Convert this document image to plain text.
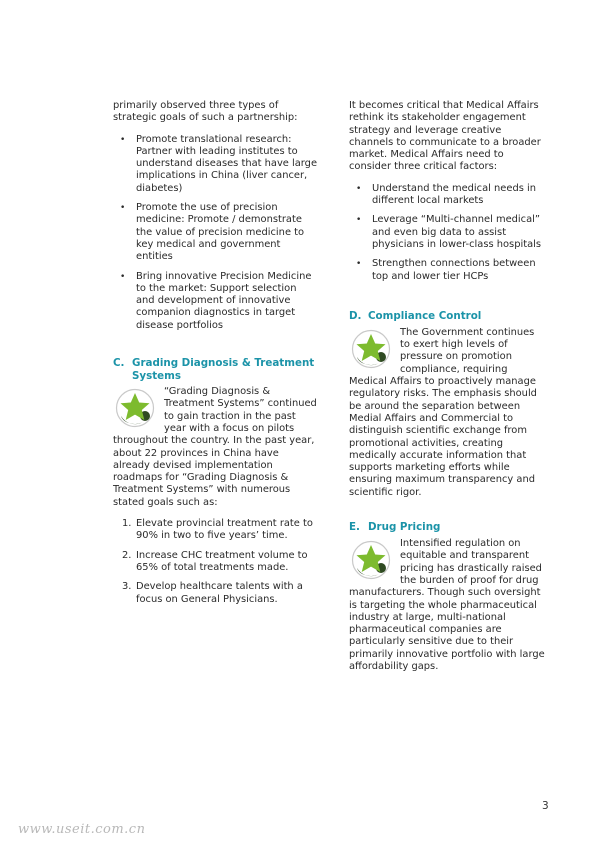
primarily observed three types of strategic goals of such a partnership:

• Promote translational research: Partner with leading institutes to understand diseases that have large implications in China (liver cancer, diabetes)
• Promote the use of precision medicine: Promote / demonstrate the value of precision medicine to key medical and government entities
• Bring innovative Precision Medicine to the market: Support selection and development of innovative companion diagnostics in target disease portfolios
C. Grading Diagnosis & Treatment Systems

“Grading Diagnosis & Treatment Systems” continued to gain traction in the past year with a focus on pilots throughout the country. In the past year, about 22 provinces in China have already devised implementation roadmaps for “Grading Diagnosis & Treatment Systems” with numerous stated goals such as:

1. Elevate provincial treatment rate to 90% in two to five years’ time.
2. Increase CHC treatment volume to 65% of total treatments made.
3. Develop healthcare talents with a focus on General Physicians.

It becomes critical that Medical Affairs rethink its stakeholder engagement strategy and leverage creative channels to communicate to a broader market. Medical Affairs need to consider three critical factors:

• Understand the medical needs in different local markets
• Leverage “Multi-channel medical” and even big data to assist physicians in lower-class hospitals
• Strengthen connections between top and lower tier HCPs
D. Compliance Control

The Government continues to exert high levels of pressure on promotion compliance, requiring Medical Affairs to proactively manage regulatory risks. The emphasis should be around the separation between Medial Affairs and Commercial to distinguish scientific exchange from promotional activities, creating medically accurate information that supports marketing efforts while ensuring maximum transparency and scientific rigor.

E. Drug Pricing

Intensified regulation on equitable and transparent pricing has drastically raised the burden of proof for drug manufacturers. Though such oversight is targeting the whole pharmaceutical industry at large, multi-national pharmaceutical companies are particularly sensitive due to their primarily innovative portfolio with large affordability gaps.

3
www.useit.com.cn
